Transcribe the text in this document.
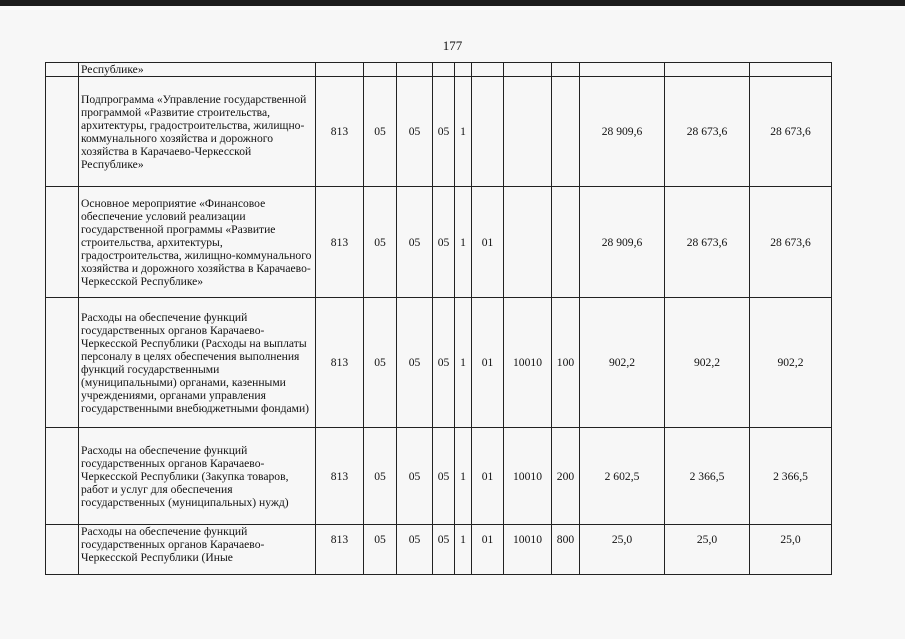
177
	Республике»											
	Подпрограмма «Управление государственной программой «Развитие строительства, архитектуры, градостроительства, жилищно-коммунального хозяйства и дорожного хозяйства в Карачаево-Черкесской Республике»	813	05	05	05	1				28 909,6	28 673,6	28 673,6
	Основное мероприятие «Финансовое обеспечение условий реализации государственной программы «Развитие строительства, архитектуры, градостроительства, жилищно-коммунального хозяйства и дорожного хозяйства в Карачаево-Черкесской Республике»	813	05	05	05	1	01			28 909,6	28 673,6	28 673,6
	Расходы на обеспечение функций государственных органов Карачаево-Черкесской Республики (Расходы на выплаты персоналу в целях обеспечения выполнения функций государственными (муниципальными) органами, казенными учреждениями, органами управления государственными внебюджетными фондами)	813	05	05	05	1	01	10010	100	902,2	902,2	902,2
	Расходы на обеспечение функций государственных органов Карачаево-Черкесской Республики (Закупка товаров, работ и услуг для обеспечения государственных (муниципальных) нужд)	813	05	05	05	1	01	10010	200	2 602,5	2 366,5	2 366,5
	Расходы на обеспечение функций государственных органов Карачаево-Черкесской Республики (Иные	813	05	05	05	1	01	10010	800	25,0	25,0	25,0
